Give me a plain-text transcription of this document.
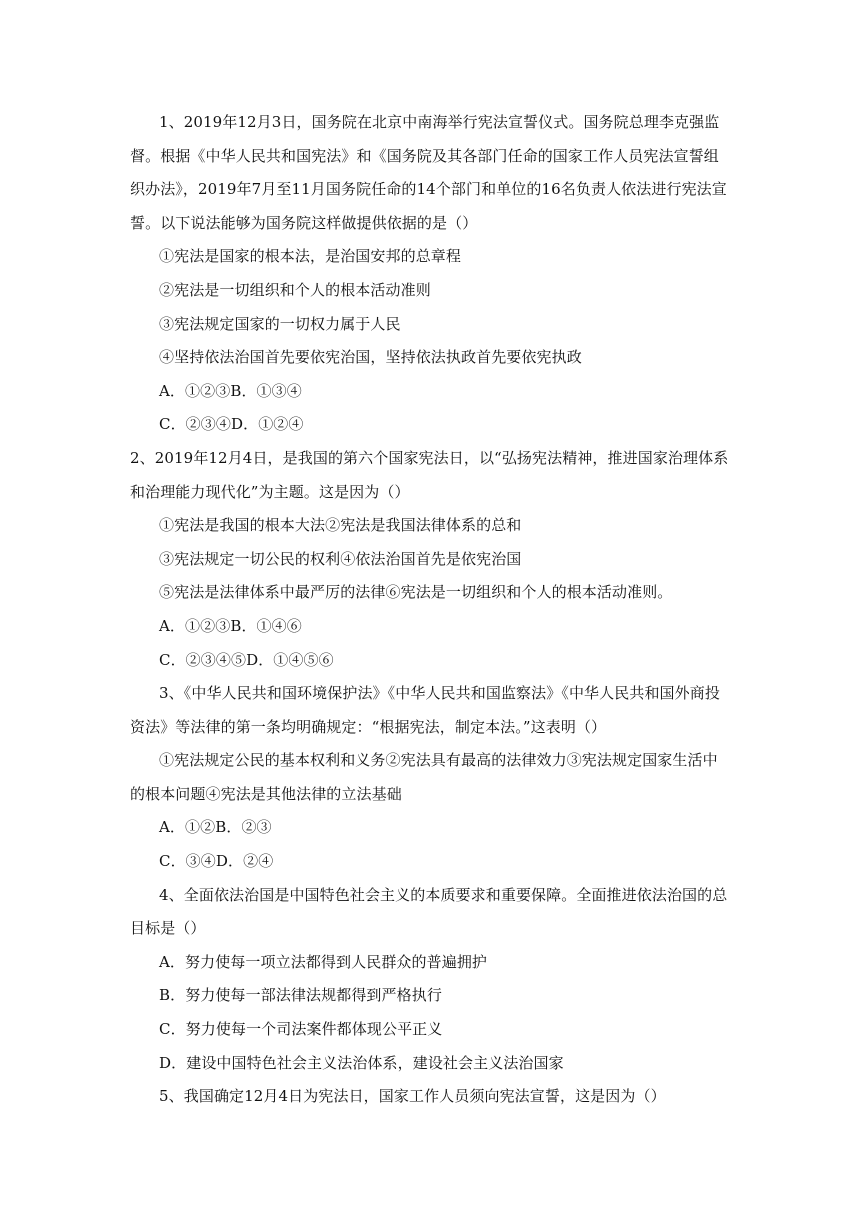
1、2019年12月3日，国务院在北京中南海举行宪法宣誓仪式。国务院总理李克强监督。根据《中华人民共和国宪法》和《国务院及其各部门任命的国家工作人员宪法宣誓组织办法》，2019年7月至11月国务院任命的14个部门和单位的16名负责人依法进行宪法宣誓。以下说法能够为国务院这样做提供依据的是（）
①宪法是国家的根本法，是治国安邦的总章程
②宪法是一切组织和个人的根本活动准则
③宪法规定国家的一切权力属于人民
④坚持依法治国首先要依宪治国，坚持依法执政首先要依宪执政
A．①②③B．①③④
C．②③④D．①②④
2、2019年12月4日，是我国的第六个国家宪法日，以“弘扬宪法精神，推进国家治理体系和治理能力现代化”为主题。这是因为（）
①宪法是我国的根本大法②宪法是我国法律体系的总和
③宪法规定一切公民的权利④依法治国首先是依宪治国
⑤宪法是法律体系中最严厉的法律⑥宪法是一切组织和个人的根本活动准则。
A．①②③B．①④⑥
C．②③④⑤D．①④⑤⑥
3、《中华人民共和国环境保护法》《中华人民共和国监察法》《中华人民共和国外商投资法》等法律的第一条均明确规定：“根据宪法，制定本法。”这表明（）
①宪法规定公民的基本权利和义务②宪法具有最高的法律效力③宪法规定国家生活中的根本问题④宪法是其他法律的立法基础
A．①②B．②③
C．③④D．②④
4、全面依法治国是中国特色社会主义的本质要求和重要保障。全面推进依法治国的总目标是（）
A．努力使每一项立法都得到人民群众的普遍拥护
B．努力使每一部法律法规都得到严格执行
C．努力使每一个司法案件都体现公平正义
D．建设中国特色社会主义法治体系，建设社会主义法治国家
5、我国确定12月4日为宪法日，国家工作人员须向宪法宣誓，这是因为（）
